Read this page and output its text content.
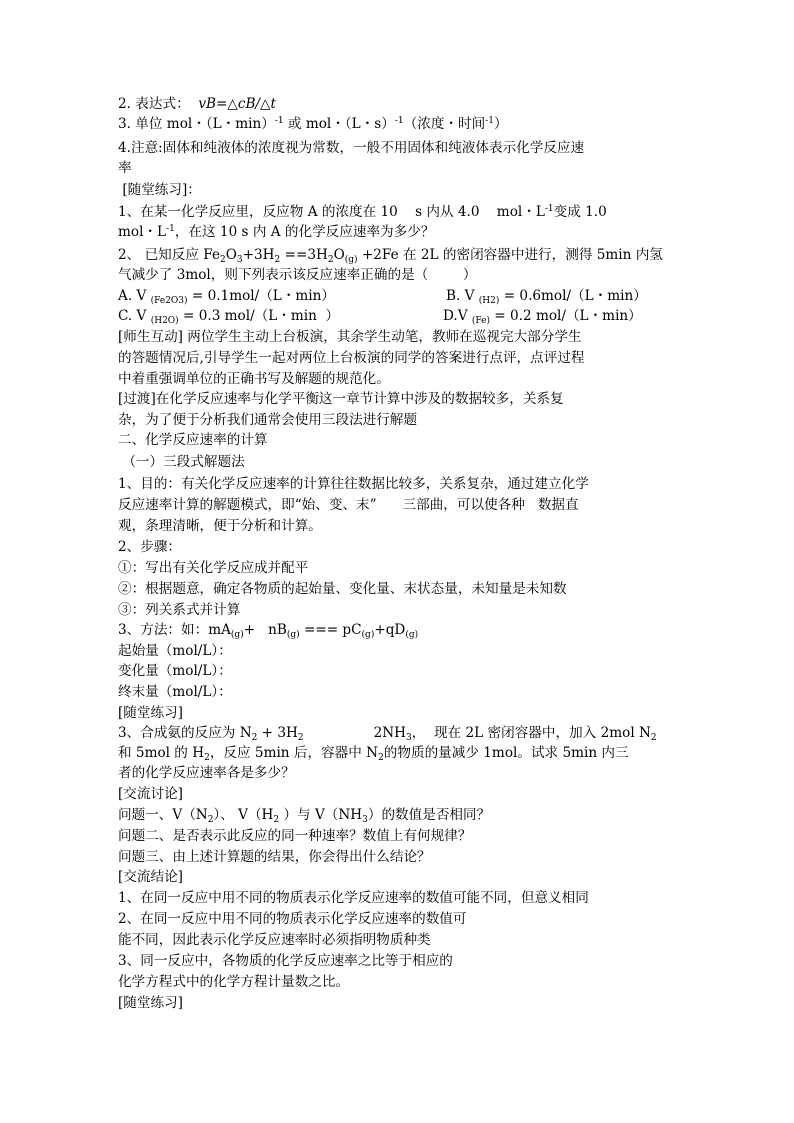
2. 表达式：  vB=△cB/△t
3. 单位 mol・（L・min）$^{-1}$ 或 mol・（L・s）$^{-1}$（浓度・时间$^{-1}$）
4.注意:固体和纯液体的浓度视为常数，一般不用固体和纯液体表示化学反应速
率
[随堂练习]：
1、在某一化学反应里，反应物 A 的浓度在 10    s 内从 4.0    mol・$L^{-1}$变成 1.0
mol・$L^{-1}$，在这 10 s 内 A 的化学反应速率为多少？
2、 已知反应 $Fe_2O_3+3H_2 ==3H_2O_{(g)} +2Fe$ 在 2L 的密闭容器中进行，测得 5min 内氢
气减少了 3mol，则下列表示该反应速率正确的是（        ）
A. V $_{(Fe2O3)}$ = 0.1mol/（L・min）	B. V $_{(H2)}$ = 0.6mol/（L・min）
C. V $_{(H2O)}$ = 0.3 mol/（L・min  ）	D.V $_{(Fe)}$ = 0.2 mol/（L・min）
[师生互动] 两位学生主动上台板演，其余学生动笔，教师在巡视完大部分学生
的答题情况后,引导学生一起对两位上台板演的同学的答案进行点评，点评过程
中着重强调单位的正确书写及解题的规范化。
[过渡]在化学反应速率与化学平衡这一章节计算中涉及的数据较多，关系复
杂，为了便于分析我们通常会使用三段法进行解题
二、化学反应速率的计算
（一）三段式解题法
1、目的：有关化学反应速率的计算往往数据比较多，关系复杂，通过建立化学
反应速率计算的解题模式，即“始、变、末”      三部曲，可以使各种   数据直
观，条理清晰，便于分析和计算。
2、步骤：
①：写出有关化学反应成并配平
②：根据题意，确定各物质的起始量、变化量、末状态量，未知量是未知数
③：列关系式并计算
3、方法：如：$mA_{(g)}+ nB_{(g)}$ === $pC_{(g)}+qD_{(g)}$
起始量（mol/L）：
变化量（mol/L）：
终末量（mol/L）：
[随堂练习]
3、合成氨的反应为 $N_2 + 3H_2$	$2NH_3$，  现在 2L 密闭容器中，加入 2mol $N_2$
和 5mol 的 $H_2$，反应 5min 后，容器中 $N_2$的物质的量减少 1mol。试求 5min 内三
者的化学反应速率各是多少？
[交流讨论]
问题一、$V(N_2)$、 $V(H_2$ ）与 $V(NH_3)$的数值是否相同？
问题二、是否表示此反应的同一种速率？数值上有何规律？
问题三、由上述计算题的结果，你会得出什么结论？
[交流结论]
1、在同一反应中用不同的物质表示化学反应速率的数值可能不同，但意义相同
2、在同一反应中用不同的物质表示化学反应速率的数值可
能不同，因此表示化学反应速率时必须指明物质种类
3、同一反应中，各物质的化学反应速率之比等于相应的
化学方程式中的化学方程计量数之比。
[随堂练习]
